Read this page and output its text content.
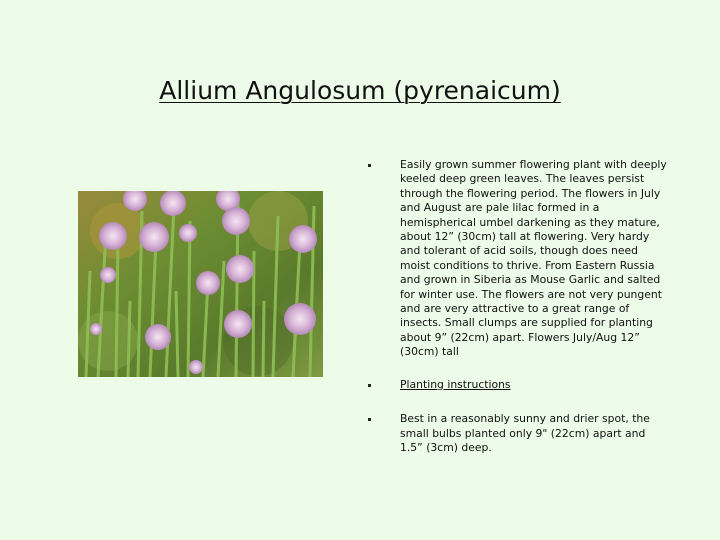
Allium Angulosum (pyrenaicum)
Easily grown summer flowering plant with deeply keeled deep green leaves. The leaves persist through the flowering period. The flowers in July and August are pale lilac formed in a hemispherical umbel darkening as they mature, about 12” (30cm) tall at flowering. Very hardy and tolerant of acid soils, though does need moist conditions to thrive. From Eastern Russia and grown in Siberia as Mouse Garlic and salted for winter use. The flowers are not very pungent and are very attractive to a great range of insects. Small clumps are supplied for planting about 9” (22cm) apart. Flowers July/Aug 12” (30cm) tall
Planting instructions
Best in a reasonably sunny and drier spot, the small bulbs planted only 9" (22cm) apart and 1.5” (3cm) deep.
